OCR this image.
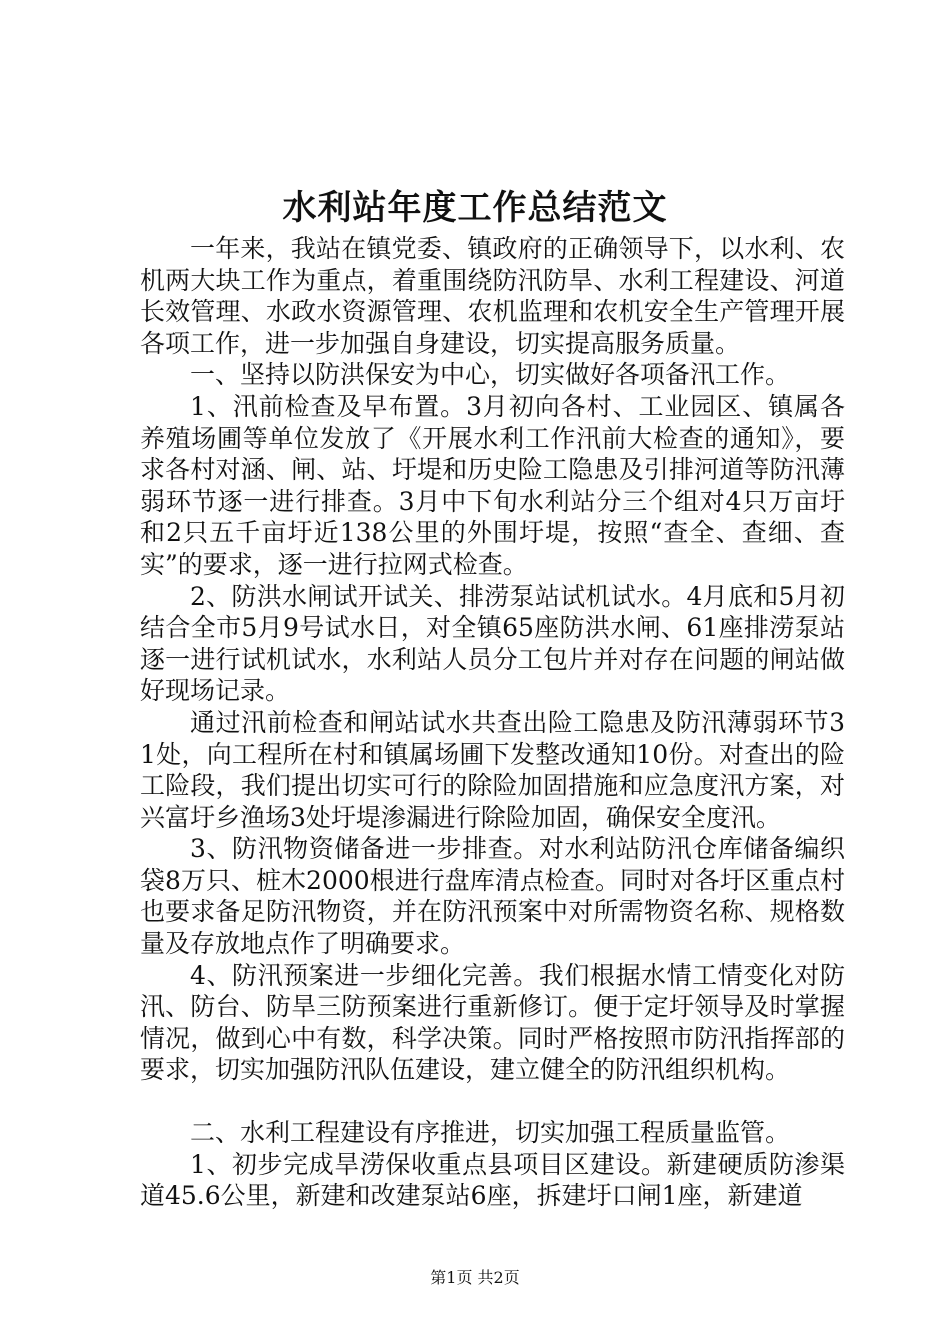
水利站年度工作总结范文

一年来，我站在镇党委、镇政府的正确领导下，以水利、农机两大块工作为重点，着重围绕防汛防旱、水利工程建设、河道长效管理、水政水资源管理、农机监理和农机安全生产管理开展各项工作，进一步加强自身建设，切实提高服务质量。

一、坚持以防洪保安为中心，切实做好各项备汛工作。

1、汛前检查及早布置。3月初向各村、工业园区、镇属各养殖场圃等单位发放了《开展水利工作汛前大检查的通知》，要求各村对涵、闸、站、圩堤和历史险工隐患及引排河道等防汛薄弱环节逐一进行排查。3月中下旬水利站分三个组对4只万亩圩和2只五千亩圩近138公里的外围圩堤，按照“查全、查细、查实”的要求，逐一进行拉网式检查。

2、防洪水闸试开试关、排涝泵站试机试水。4月底和5月初结合全市5月9号试水日，对全镇65座防洪水闸、61座排涝泵站逐一进行试机试水，水利站人员分工包片并对存在问题的闸站做好现场记录。

通过汛前检查和闸站试水共查出险工隐患及防汛薄弱环节31处，向工程所在村和镇属场圃下发整改通知10份。对查出的险工险段，我们提出切实可行的除险加固措施和应急度汛方案，对兴富圩乡渔场3处圩堤渗漏进行除险加固，确保安全度汛。

3、防汛物资储备进一步排查。对水利站防汛仓库储备编织袋8万只、桩木2000根进行盘库清点检查。同时对各圩区重点村也要求备足防汛物资，并在防汛预案中对所需物资名称、规格数量及存放地点作了明确要求。

4、防汛预案进一步细化完善。我们根据水情工情变化对防汛、防台、防旱三防预案进行重新修订。便于定圩领导及时掌握情况，做到心中有数，科学决策。同时严格按照市防汛指挥部的要求，切实加强防汛队伍建设，建立健全的防汛组织机构。

二、水利工程建设有序推进，切实加强工程质量监管。

1、初步完成旱涝保收重点县项目区建设。新建硬质防渗渠道45.6公里，新建和改建泵站6座，拆建圩口闸1座，新建道

第1页 共2页
